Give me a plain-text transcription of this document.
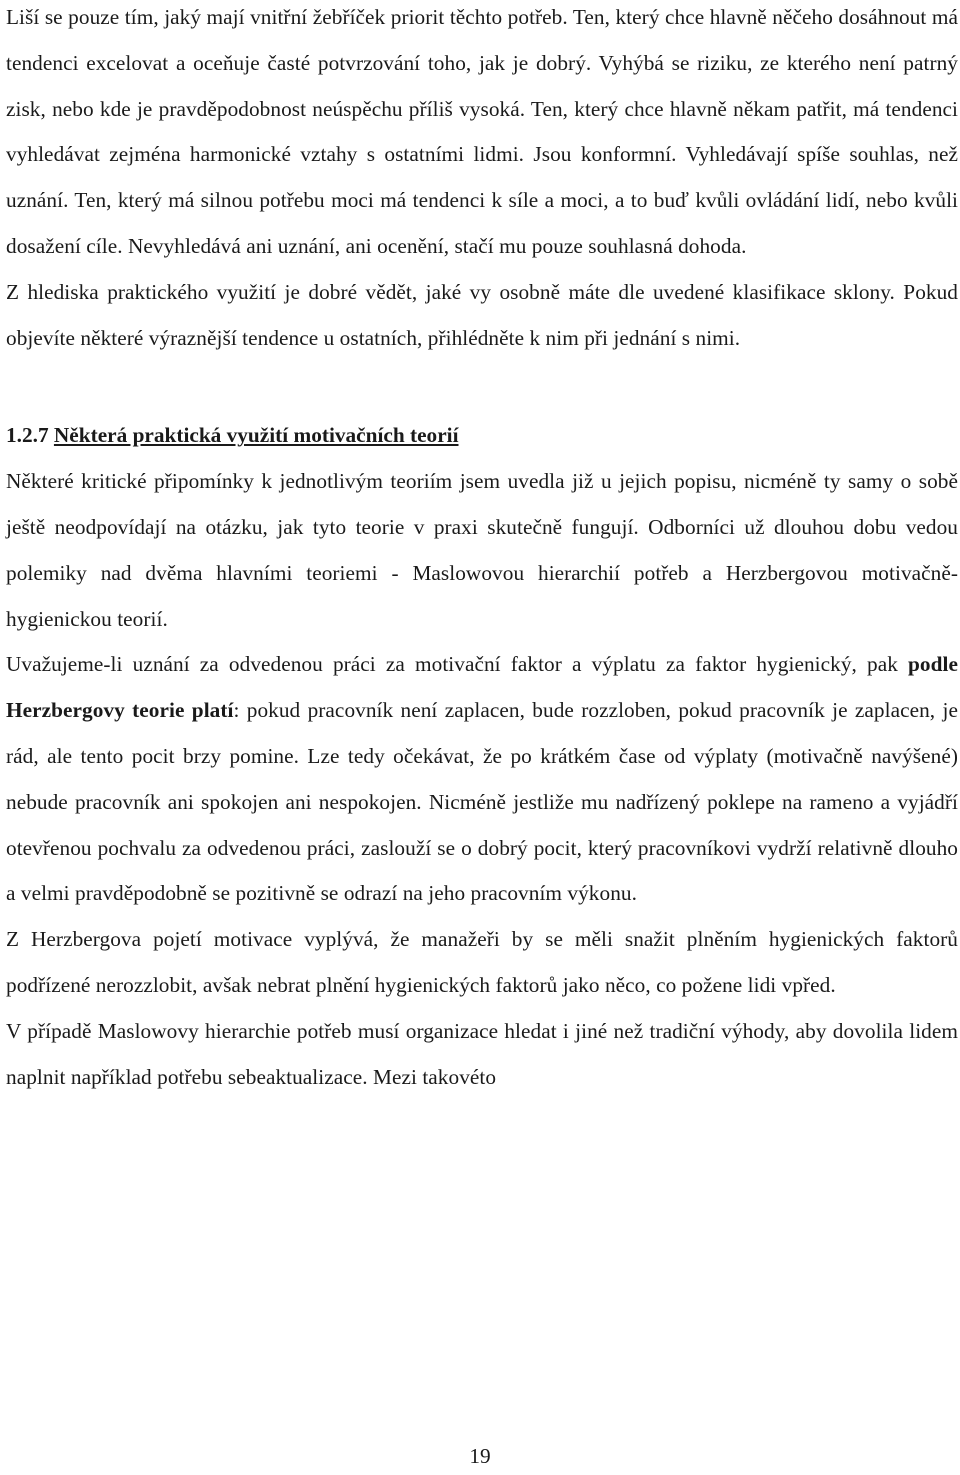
Liší se pouze tím, jaký mají vnitřní žebříček priorit těchto potřeb. Ten, který chce hlavně něčeho dosáhnout má tendenci excelovat a oceňuje časté potvrzování toho, jak je dobrý. Vyhýbá se riziku, ze kterého není patrný zisk, nebo kde je pravděpodobnost neúspěchu příliš vysoká. Ten, který chce hlavně někam patřit, má tendenci vyhledávat zejména harmonické vztahy s ostatními lidmi. Jsou konformní. Vyhledávají spíše souhlas, než uznání. Ten, který má silnou potřebu moci má tendenci k síle a moci, a to buď kvůli ovládání lidí, nebo kvůli dosažení cíle. Nevyhledává ani uznání, ani ocenění, stačí mu pouze souhlasná dohoda.

Z hlediska praktického využití je dobré vědět, jaké vy osobně máte dle uvedené klasifikace sklony. Pokud objevíte některé výraznější tendence u ostatních, přihlédněte k nim při jednání s nimi.

1.2.7 Některá praktická využití motivačních teorií

Některé kritické připomínky k jednotlivým teoriím jsem uvedla již u jejich popisu, nicméně ty samy o sobě ještě neodpovídají na otázku, jak tyto teorie v praxi skutečně fungují. Odborníci už dlouhou dobu vedou polemiky nad dvěma hlavními teoriemi - Maslowovou hierarchií potřeb a Herzbergovou motivačně-hygienickou teorií.

Uvažujeme-li uznání za odvedenou práci za motivační faktor a výplatu za faktor hygienický, pak podle Herzbergovy teorie platí: pokud pracovník není zaplacen, bude rozzloben, pokud pracovník je zaplacen, je rád, ale tento pocit brzy pomine. Lze tedy očekávat, že po krátkém čase od výplaty (motivačně navýšené) nebude pracovník ani spokojen ani nespokojen. Nicméně jestliže mu nadřízený poklepe na rameno a vyjádří otevřenou pochvalu za odvedenou práci, zaslouží se o dobrý pocit, který pracovníkovi vydrží relativně dlouho a velmi pravděpodobně se pozitivně se odrazí na jeho pracovním výkonu.

Z Herzbergova pojetí motivace vyplývá, že manažeři by se měli snažit plněním hygienických faktorů podřízené nerozzlobit, avšak nebrat plnění hygienických faktorů jako něco, co požene lidi vpřed.

V případě Maslowovy hierarchie potřeb musí organizace hledat i jiné než tradiční výhody, aby dovolila lidem naplnit například potřebu sebeaktualizace. Mezi takovéto

19
